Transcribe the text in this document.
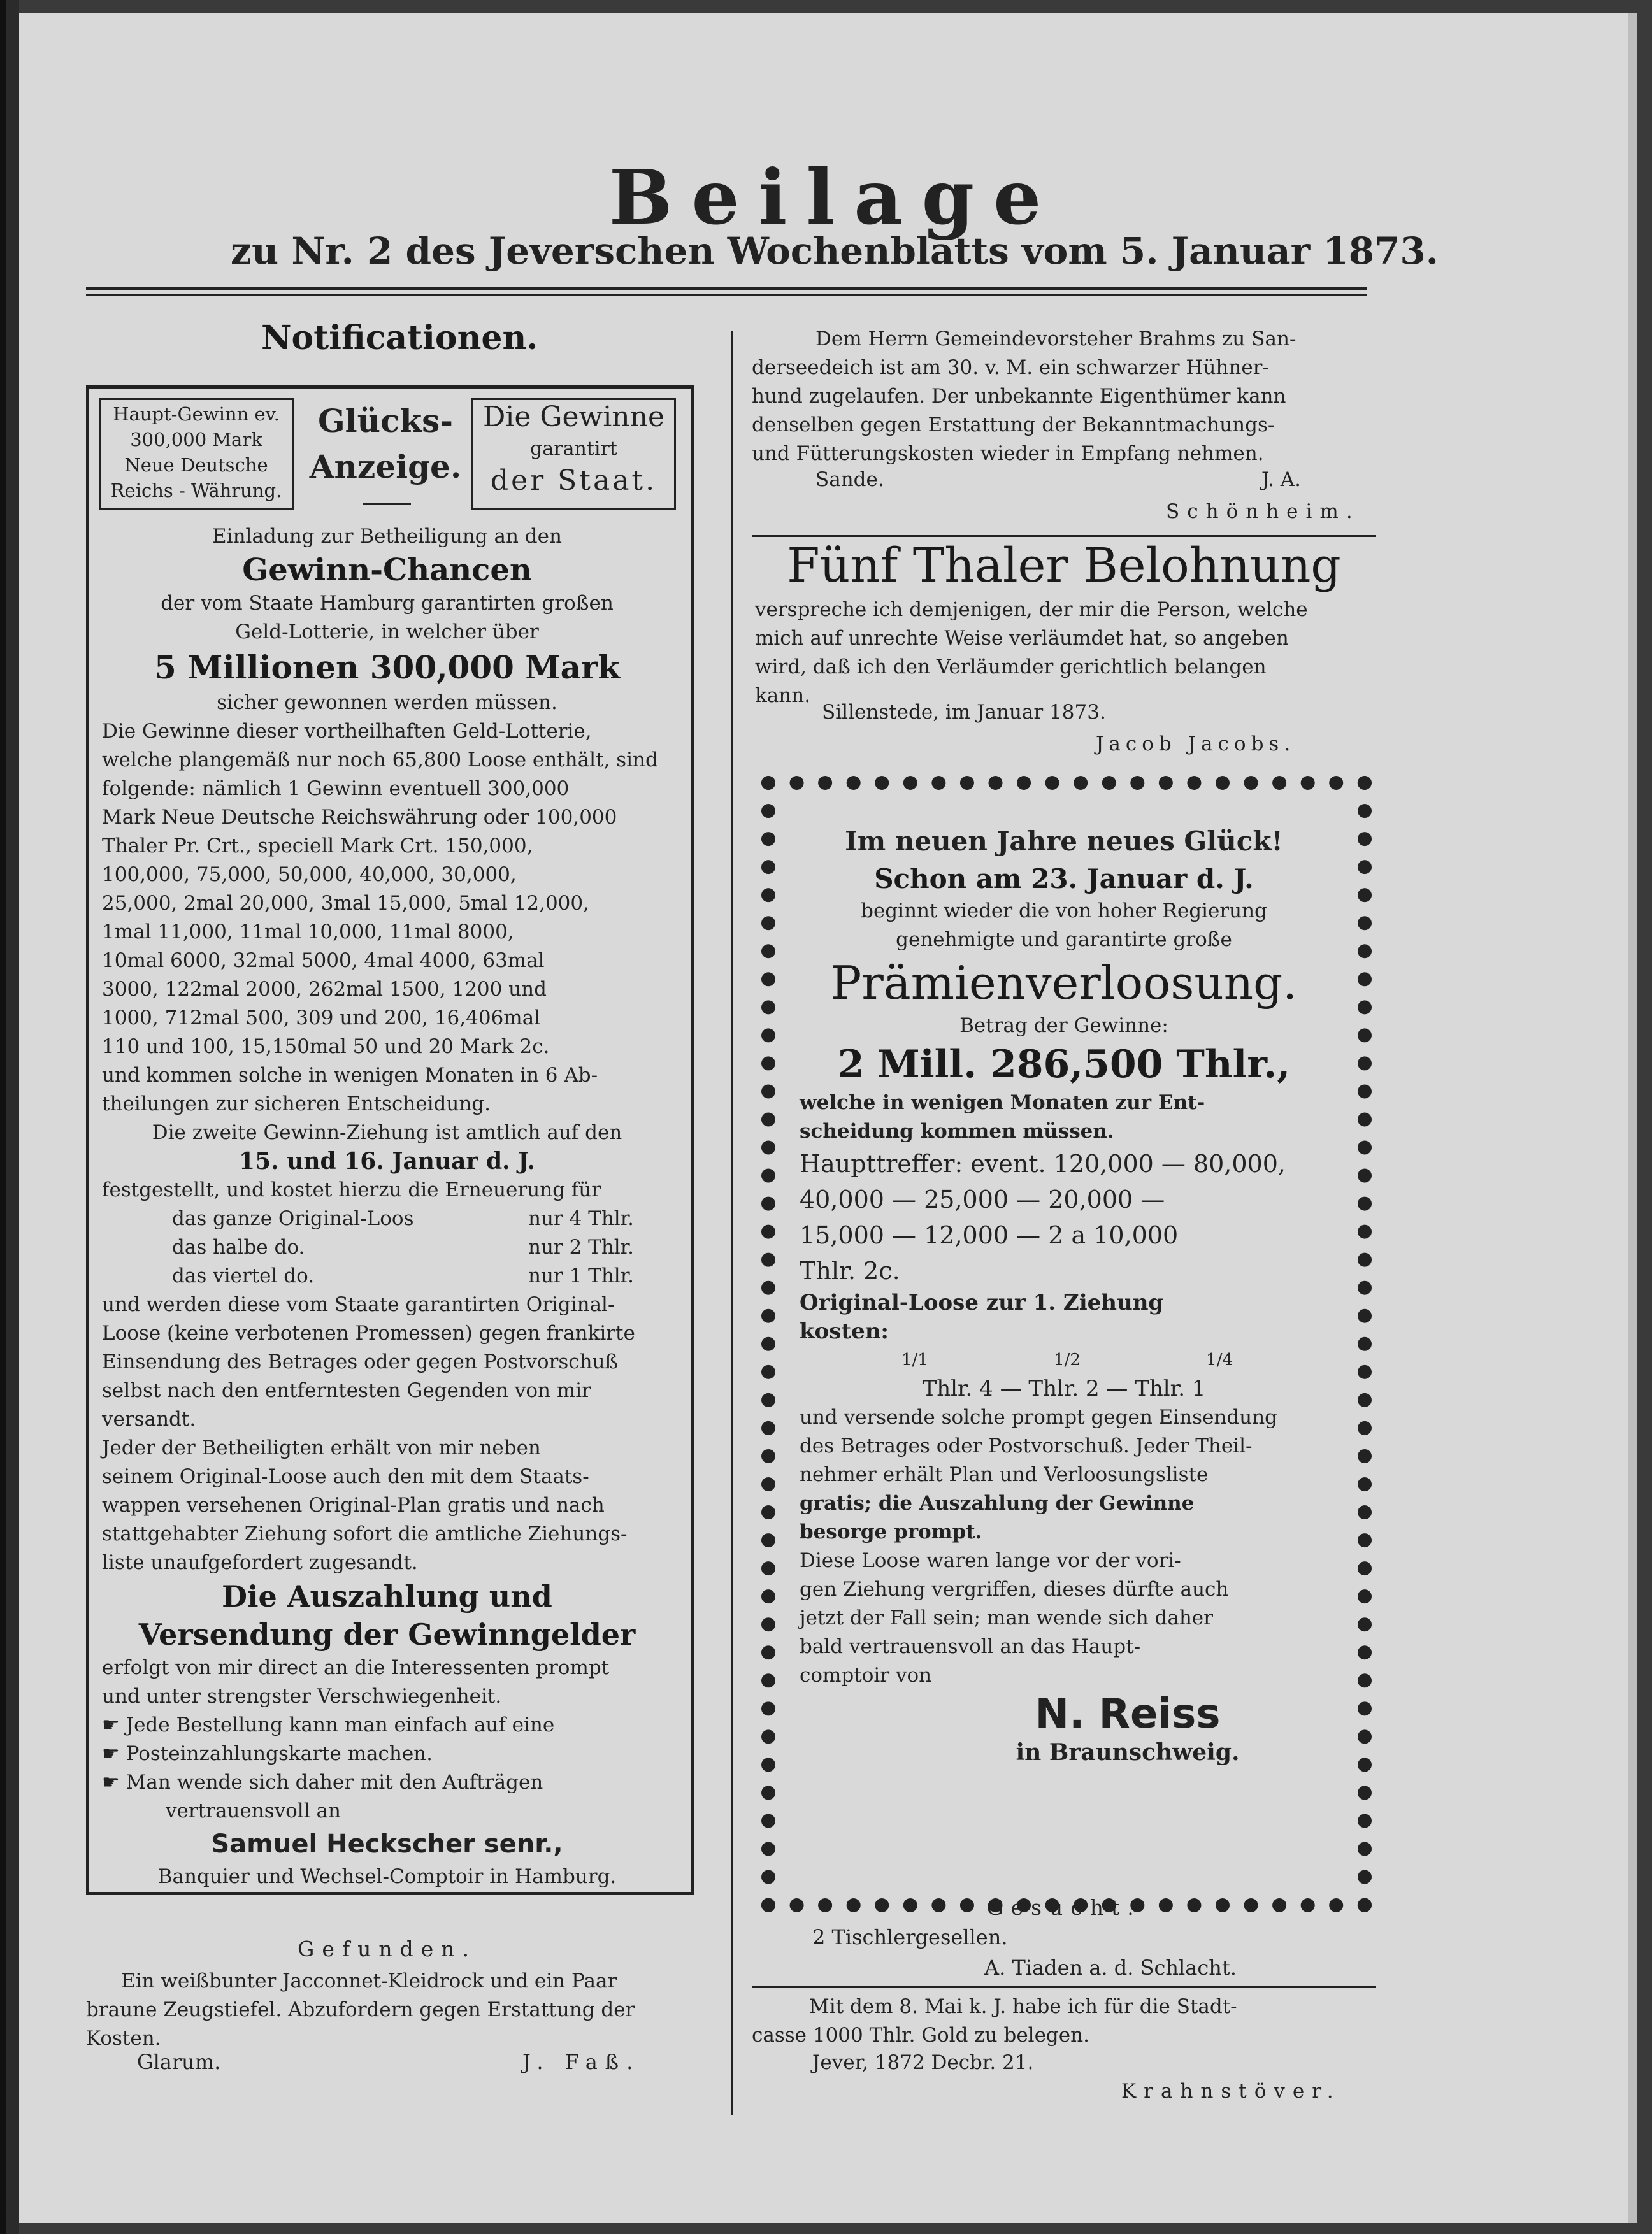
Beilage
zu Nr. 2 des Jeverschen Wochenblatts vom 5. Januar 1873.
Notificationen.
Haupt-Gewinn ev.
300,000 Mark
Neue Deutsche
Reichs - Währung.
Glücks-
Anzeige.
Die Gewinne
garantirt
der Staat.

Einladung zur Betheiligung an den

Gewinn-Chancen

der vom Staate Hamburg garantirten großen

Geld-Lotterie, in welcher über

5 Millionen 300,000 Mark

sicher gewonnen werden müssen.

Die Gewinne dieser vortheilhaften Geld-Lotterie,

welche plangemäß nur noch 65,800 Loose enthält, sind

folgende: nämlich 1 Gewinn eventuell 300,000

Mark Neue Deutsche Reichswährung oder 100,000

Thaler Pr. Crt., speciell Mark Crt. 150,000,

100,000, 75,000, 50,000, 40,000, 30,000,

25,000, 2mal 20,000, 3mal 15,000, 5mal 12,000,

1mal 11,000, 11mal 10,000, 11mal 8000,

10mal 6000, 32mal 5000, 4mal 4000, 63mal

3000, 122mal 2000, 262mal 1500, 1200 und

1000, 712mal 500, 309 und 200, 16,406mal

110 und 100, 15,150mal 50 und 20 Mark 2c.

und kommen solche in wenigen Monaten in 6 Ab-

theilungen zur sicheren Entscheidung.

Die zweite Gewinn-Ziehung ist amtlich auf den

15. und 16. Januar d. J.

festgestellt, und kostet hierzu die Erneuerung für

das ganze Original-Loos	nur 4 Thlr.
das halbe do.	nur 2 Thlr.
das viertel do.	nur 1 Thlr.

und werden diese vom Staate garantirten Original-

Loose (keine verbotenen Promessen) gegen frankirte

Einsendung des Betrages oder gegen Postvorschuß

selbst nach den entferntesten Gegenden von mir

versandt.

Jeder der Betheiligten erhält von mir neben

seinem Original-Loose auch den mit dem Staats-

wappen versehenen Original-Plan gratis und nach

stattgehabter Ziehung sofort die amtliche Ziehungs-

liste unaufgefordert zugesandt.

Die Auszahlung und

Versendung der Gewinngelder

erfolgt von mir direct an die Interessenten prompt

und unter strengster Verschwiegenheit.

☛ Jede Bestellung kann man einfach auf eine

☛ Posteinzahlungskarte machen.

☛ Man wende sich daher mit den Aufträgen

vertrauensvoll an

Samuel Heckscher senr.,

Banquier und Wechsel-Comptoir in Hamburg.

Gefunden.

Ein weißbunter Jacconnet-Kleidrock und ein Paar

braune Zeugstiefel. Abzufordern gegen Erstattung der

Kosten.

Glarum.	J. Faß.

Dem Herrn Gemeindevorsteher Brahms zu San-

derseedeich ist am 30. v. M. ein schwarzer Hühner-

hund zugelaufen. Der unbekannte Eigenthümer kann

denselben gegen Erstattung der Bekanntmachungs-

und Fütterungskosten wieder in Empfang nehmen.

Sande.	J. A.
Schönheim.
Fünf Thaler Belohnung

verspreche ich demjenigen, der mir die Person, welche

mich auf unrechte Weise verläumdet hat, so angeben

wird, daß ich den Verläumder gerichtlich belangen

kann.

Sillenstede, im Januar 1873.
Jacob Jacobs.

Im neuen Jahre neues Glück!

Schon am 23. Januar d. J.

beginnt wieder die von hoher Regierung

genehmigte und garantirte große

Prämienverloosung.

Betrag der Gewinne:

2 Mill. 286,500 Thlr.,

welche in wenigen Monaten zur Ent-

scheidung kommen müssen.

Haupttreffer: event. 120,000 — 80,000,

40,000 — 25,000 — 20,000 —

15,000 — 12,000 — 2 a 10,000

Thlr. 2c.

Original-Loose zur 1. Ziehung

kosten:

1/1	1/2	1/4

Thlr. 4 — Thlr. 2 — Thlr. 1

und versende solche prompt gegen Einsendung

des Betrages oder Postvorschuß. Jeder Theil-

nehmer erhält Plan und Verloosungsliste

gratis; die Auszahlung der Gewinne

besorge prompt.

Diese Loose waren lange vor der vori-

gen Ziehung vergriffen, dieses dürfte auch

jetzt der Fall sein; man wende sich daher

bald vertrauensvoll an das Haupt-

comptoir von

N. Reiss

in Braunschweig.

Gesucht.
2 Tischlergesellen.
A. Tiaden a. d. Schlacht.

Mit dem 8. Mai k. J. habe ich für die Stadt-

casse 1000 Thlr. Gold zu belegen.

Jever, 1872 Decbr. 21.
Krahnstöver.
